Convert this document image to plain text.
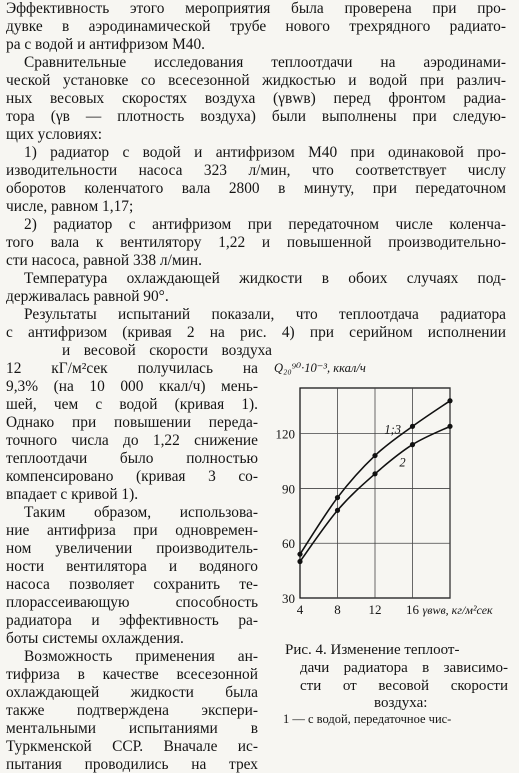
Эффективность этого мероприятия была проверена при про-
дувке в аэродинамической трубе нового трехрядного радиато-
ра с водой и антифризом М40.
Сравнительные исследования теплоотдачи на аэродинами-
ческой установке со всесезонной жидкостью и водой при различ-
ных весовых скоростях воздуха (γвwв) перед фронтом радиа-
тора (γв — плотность воздуха) были выполнены при следую-
щих условиях:
1) радиатор с водой и антифризом М40 при одинаковой про-
изводительности насоса 323 л/мин, что соответствует числу
оборотов коленчатого вала 2800 в минуту, при передаточном
числе, равном 1,17;
2) радиатор с антифризом при передаточном числе коленча-
того вала к вентилятору 1,22 и повышенной производительно-
сти насоса, равной 338 л/мин.
Температура охлаждающей жидкости в обоих случаях под-
держивалась равной 90°.
Результаты испытаний показали, что теплоотдача радиатора
с антифризом (кривая 2 на рис. 4) при серийном исполнении
и весовой скорости воздуха
12 кГ/м²сек получилась на
9,3% (на 10 000 ккал/ч) мень-
шей, чем с водой (кривая 1).
Однако при повышении переда-
точного числа до 1,22 снижение
теплоотдачи было полностью
компенсировано (кривая 3 со-
впадает с кривой 1).
Таким образом, использова-
ние антифриза при одновремен-
ном увеличении производитель-
ности вентилятора и водяного
насоса позволяет сохранить те-
плорассеивающую способность
радиатора и эффективность ра-
боты системы охлаждения.
Возможность применения ан-
тифриза в качестве всесезонной
охлаждающей жидкости была
также подтверждена экспери-
ментальными испытаниями в
Туркменской ССР. Вначале ис-
пытания проводились на трех
4 8 12 16
30
60
90
120	1;3
2
Q₂₀⁹⁰·10⁻³, ккал/ч
γвwв, кг/м²сек
Рис. 4. Изменение теплоот-
дачи радиатора в зависимо-
сти от весовой скорости
воздуха:
1 — с водой, передаточное чис-
